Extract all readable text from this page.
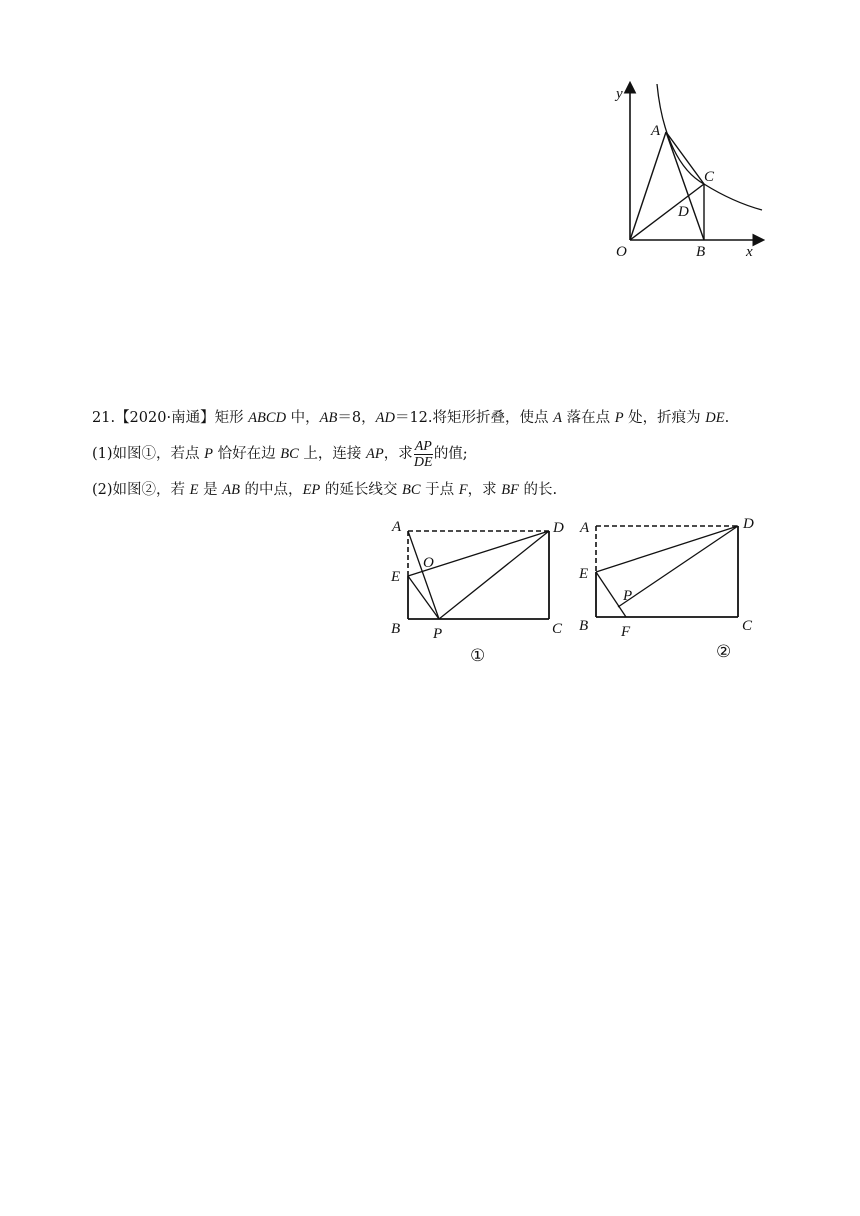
y
x
O
A
B
C
D
21.【2020·南通】矩形 ABCD 中，AB＝8，AD＝12.将矩形折叠，使点 A 落在点 P 处，折痕为 DE.
(1)如图①，若点 P 恰好在边 BC 上，连接 AP，求 $\frac{AP}{DE}$ 的值;
(2)如图②，若 E 是 AB 的中点，EP 的延长线交 BC 于点 F，求 BF 的长.
A	D
E
O
B P	C
①
A	D
E
P
B F	C
②
